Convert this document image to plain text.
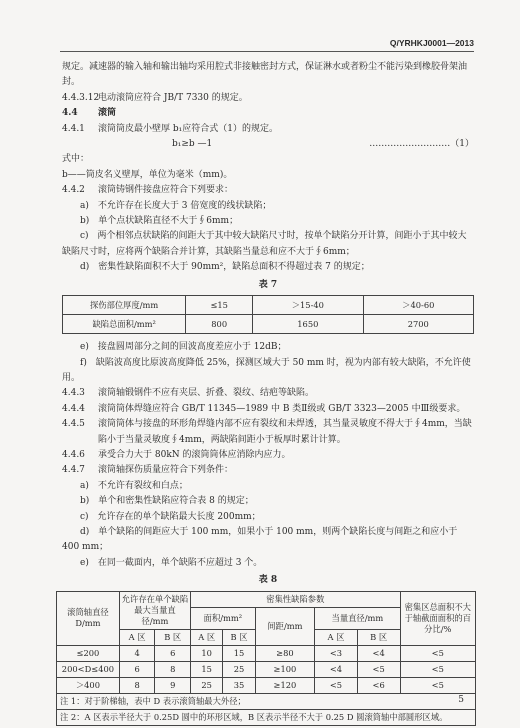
Q/YRHKJ0001—2013

规定。减速器的输入轴和输出轴均采用腔式非接触密封方式，保证淋水或者粉尘不能污染到橡胶骨架油封。

4.4.3.12
电动滚筒应符合 JB/T 7330 的规定。
4.4	滚筒
4.4.1	滚筒筒皮最小壁厚 b₁应符合式（1）的规定。
b₁≥b —1	………………………（1）

式中：

b——筒皮名义壁厚，单位为毫米（mm)。

4.4.2	滚筒铸钢件接盘应符合下列要求：

a)　不允许存在长度大于 3 倍宽度的线状缺陷；

b)　单个点状缺陷直径不大于∮6mm；

c)　两个相邻点状缺陷的间距大于其中较大缺陷尺寸时，按单个缺陷分开计算，间距小于其中较大缺陷尺寸时，应将两个缺陷合并计算，其缺陷当量总和应不大于∮6mm；

d)　密集性缺陷面积不大于 90mm²，缺陷总面积不得超过表 7 的规定；

表 7
探伤部位厚度/mm	≤15	＞15-40	＞40-60
缺陷总面积/mm²	800	1650	2700

e)　接盘圆周部分之间的回波高度差应小于 12dB；

f)　缺陷波高度比原波高度降低 25%，探测区域大于 50 mm 时，视为内部有较大缺陷，不允许使用。

4.4.3	滚筒轴锻钢件不应有夹层、折叠、裂纹、结疤等缺陷。
4.4.4	滚筒筒体焊缝应符合 GB/T 11345—1989 中 B 类Ⅱ级或 GB/T 3323—2005 中Ⅲ级要求。
4.4.5	滚筒筒体与接盘的环形角焊缝内部不应有裂纹和未焊透，其当量灵敏度不得大于∮4mm，当缺陷小于当量灵敏度∮4mm，两缺陷间距小于板厚时累计计算。
4.4.6	承受合力大于 80kN 的滚筒筒体应消除内应力。
4.4.7	滚筒轴探伤质量应符合下列条件：

a)　不允许有裂纹和白点；

b)　单个和密集性缺陷应符合表 8 的规定；

c)　允许存在的单个缺陷最大长度 200mm；

d)　单个缺陷的间距应大于 100 mm，如果小于 100 mm，则两个缺陷长度与间距之和应小于 400 mm；

e)　在同一截面内，单个缺陷不应超过 3 个。

表 8
滚筒轴直径
D/mm	允许存在单个缺陷最大当量直径/mm		密集性缺陷参数					密集区总面积不大于轴截面面积的百分比/%
			面积/mm²		间距/mm	当量直径/mm		
	A 区	B 区	A 区	B 区		A 区	B 区	
≤200	4	6	10	15	≥80	<3	<4	<5
200<D≤400	6	8	15	25	≥100	<4	<5	<5
＞400	8	9	25	35	≥120	<5	<6	<5
注 1：对于阶梯轴，表中 D 表示滚筒轴最大外径；								
注 2：A 区表示半径大于 0.25D 圆中的环形区域，B 区表示半径不大于 0.25 D 圆滚筒轴中部圆形区域。								
5
